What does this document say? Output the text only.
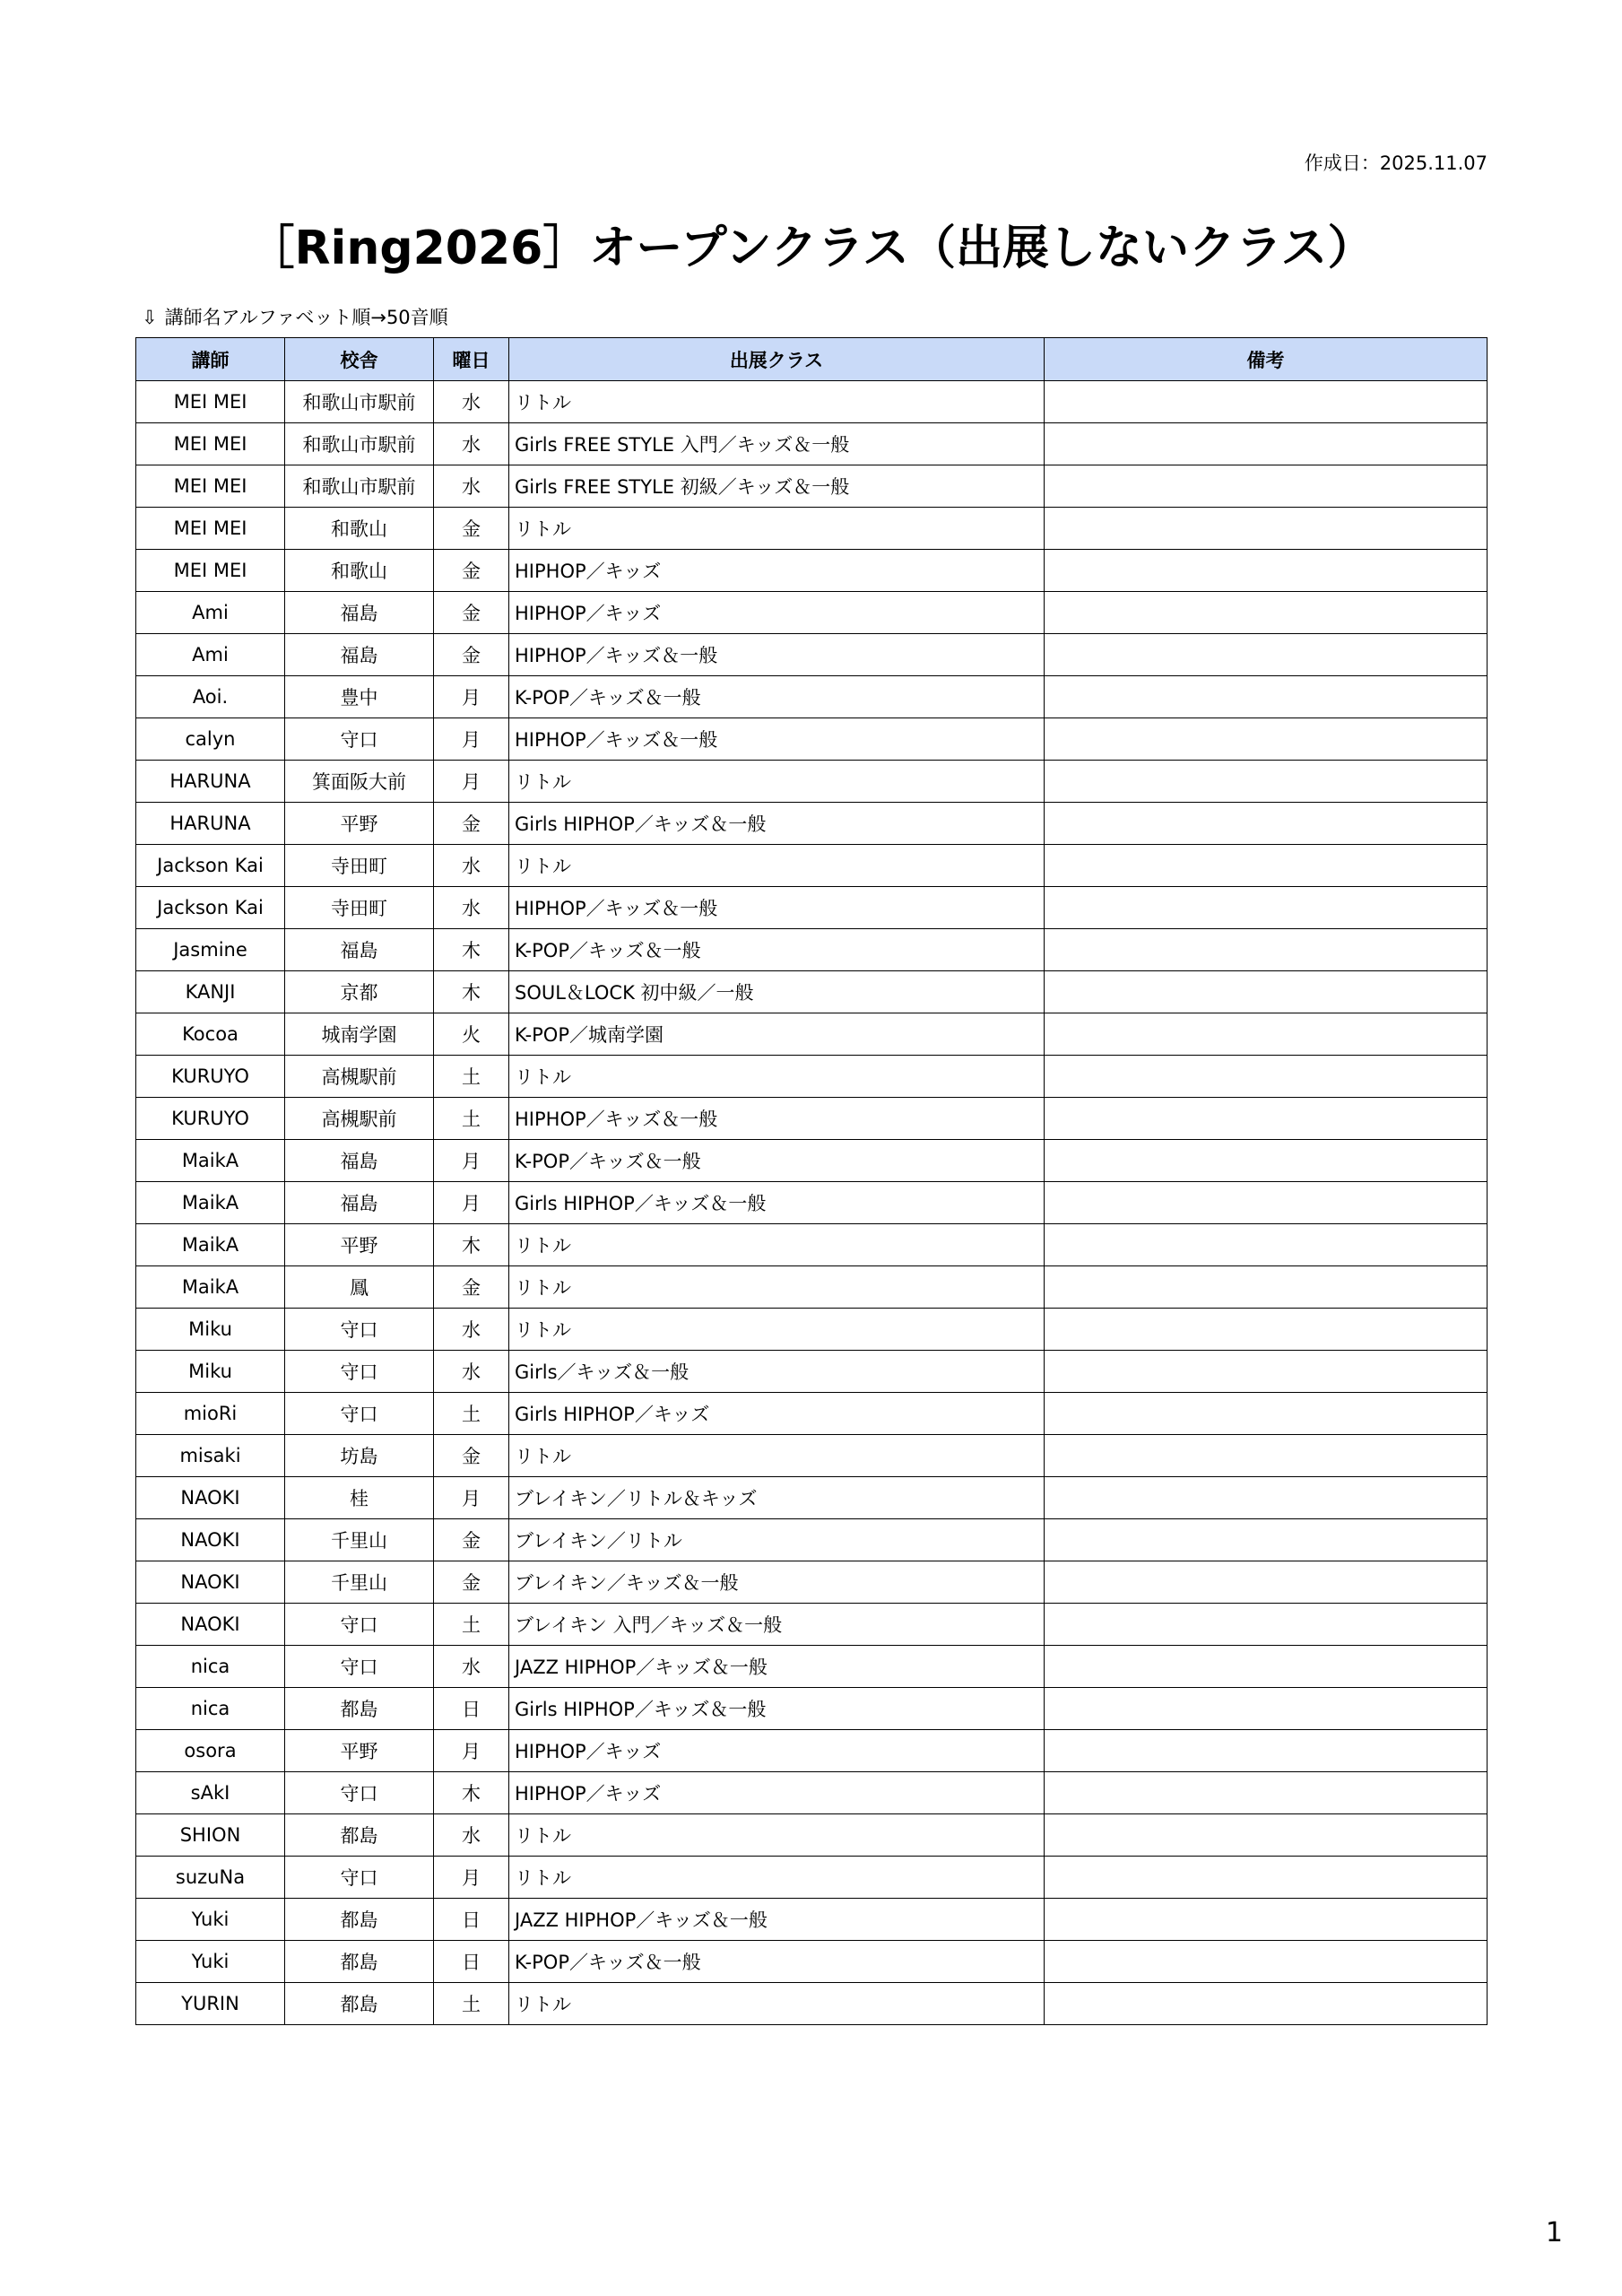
作成日：2025.11.07
［Ring2026］オープンクラス（出展しないクラス）
⇩ 講師名アルファベット順→50音順
講師	校舎	曜日	出展クラス	備考
MEI MEI	和歌山市駅前	水	リトル	
MEI MEI	和歌山市駅前	水	Girls FREE STYLE 入門／キッズ＆一般	
MEI MEI	和歌山市駅前	水	Girls FREE STYLE 初級／キッズ＆一般	
MEI MEI	和歌山	金	リトル	
MEI MEI	和歌山	金	HIPHOP／キッズ	
Ami	福島	金	HIPHOP／キッズ	
Ami	福島	金	HIPHOP／キッズ＆一般	
Aoi.	豊中	月	K-POP／キッズ＆一般	
calyn	守口	月	HIPHOP／キッズ＆一般	
HARUNA	箕面阪大前	月	リトル	
HARUNA	平野	金	Girls HIPHOP／キッズ＆一般	
Jackson Kai	寺田町	水	リトル	
Jackson Kai	寺田町	水	HIPHOP／キッズ＆一般	
Jasmine	福島	木	K-POP／キッズ＆一般	
KANJI	京都	木	SOUL＆LOCK 初中級／一般	
Kocoa	城南学園	火	K-POP／城南学園	
KURUYO	高槻駅前	土	リトル	
KURUYO	高槻駅前	土	HIPHOP／キッズ＆一般	
MaikA	福島	月	K-POP／キッズ＆一般	
MaikA	福島	月	Girls HIPHOP／キッズ＆一般	
MaikA	平野	木	リトル	
MaikA	鳳	金	リトル	
Miku	守口	水	リトル	
Miku	守口	水	Girls／キッズ＆一般	
mioRi	守口	土	Girls HIPHOP／キッズ	
misaki	坊島	金	リトル	
NAOKI	桂	月	ブレイキン／リトル＆キッズ	
NAOKI	千里山	金	ブレイキン／リトル	
NAOKI	千里山	金	ブレイキン／キッズ＆一般	
NAOKI	守口	土	ブレイキン 入門／キッズ＆一般	
nica	守口	水	JAZZ HIPHOP／キッズ＆一般	
nica	都島	日	Girls HIPHOP／キッズ＆一般	
osora	平野	月	HIPHOP／キッズ	
sAkI	守口	木	HIPHOP／キッズ	
SHION	都島	水	リトル	
suzuNa	守口	月	リトル	
Yuki	都島	日	JAZZ HIPHOP／キッズ＆一般	
Yuki	都島	日	K-POP／キッズ＆一般	
YURIN	都島	土	リトル	
1
